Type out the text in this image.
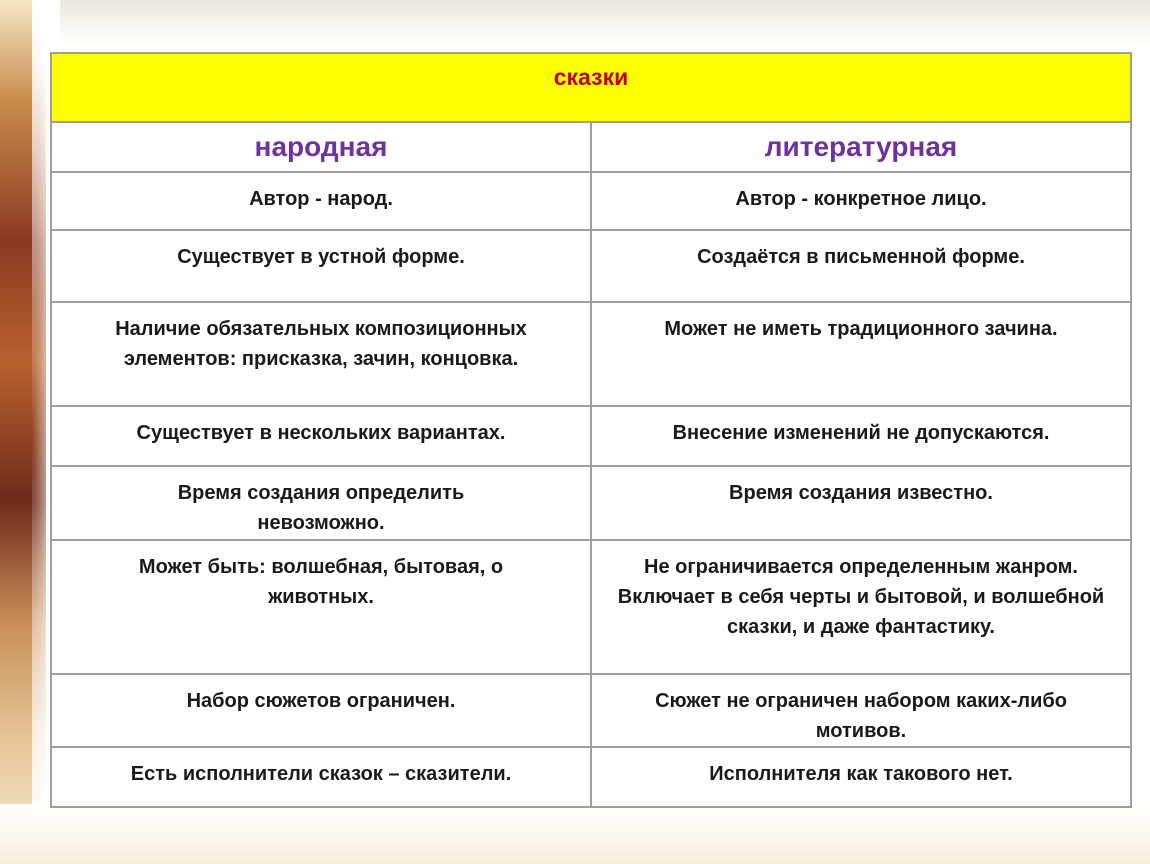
сказки	
народная	литературная
Автор - народ.	Автор - конкретное лицо.
Существует в устной форме.	Создаётся в письменной форме.
Наличие обязательных композиционных элементов: присказка, зачин, концовка.	Может не иметь традиционного зачина.
Существует в нескольких вариантах.	Внесение изменений не допускаются.
Время создания определить невозможно.	Время создания известно.
Может быть: волшебная, бытовая, о животных.	Не ограничивается определенным жанром. Включает в себя черты и бытовой, и волшебной сказки, и даже фантастику.
Набор сюжетов ограничен.	Сюжет не ограничен набором каких-либо мотивов.
Есть исполнители сказок – сказители.	Исполнителя как такового нет.
